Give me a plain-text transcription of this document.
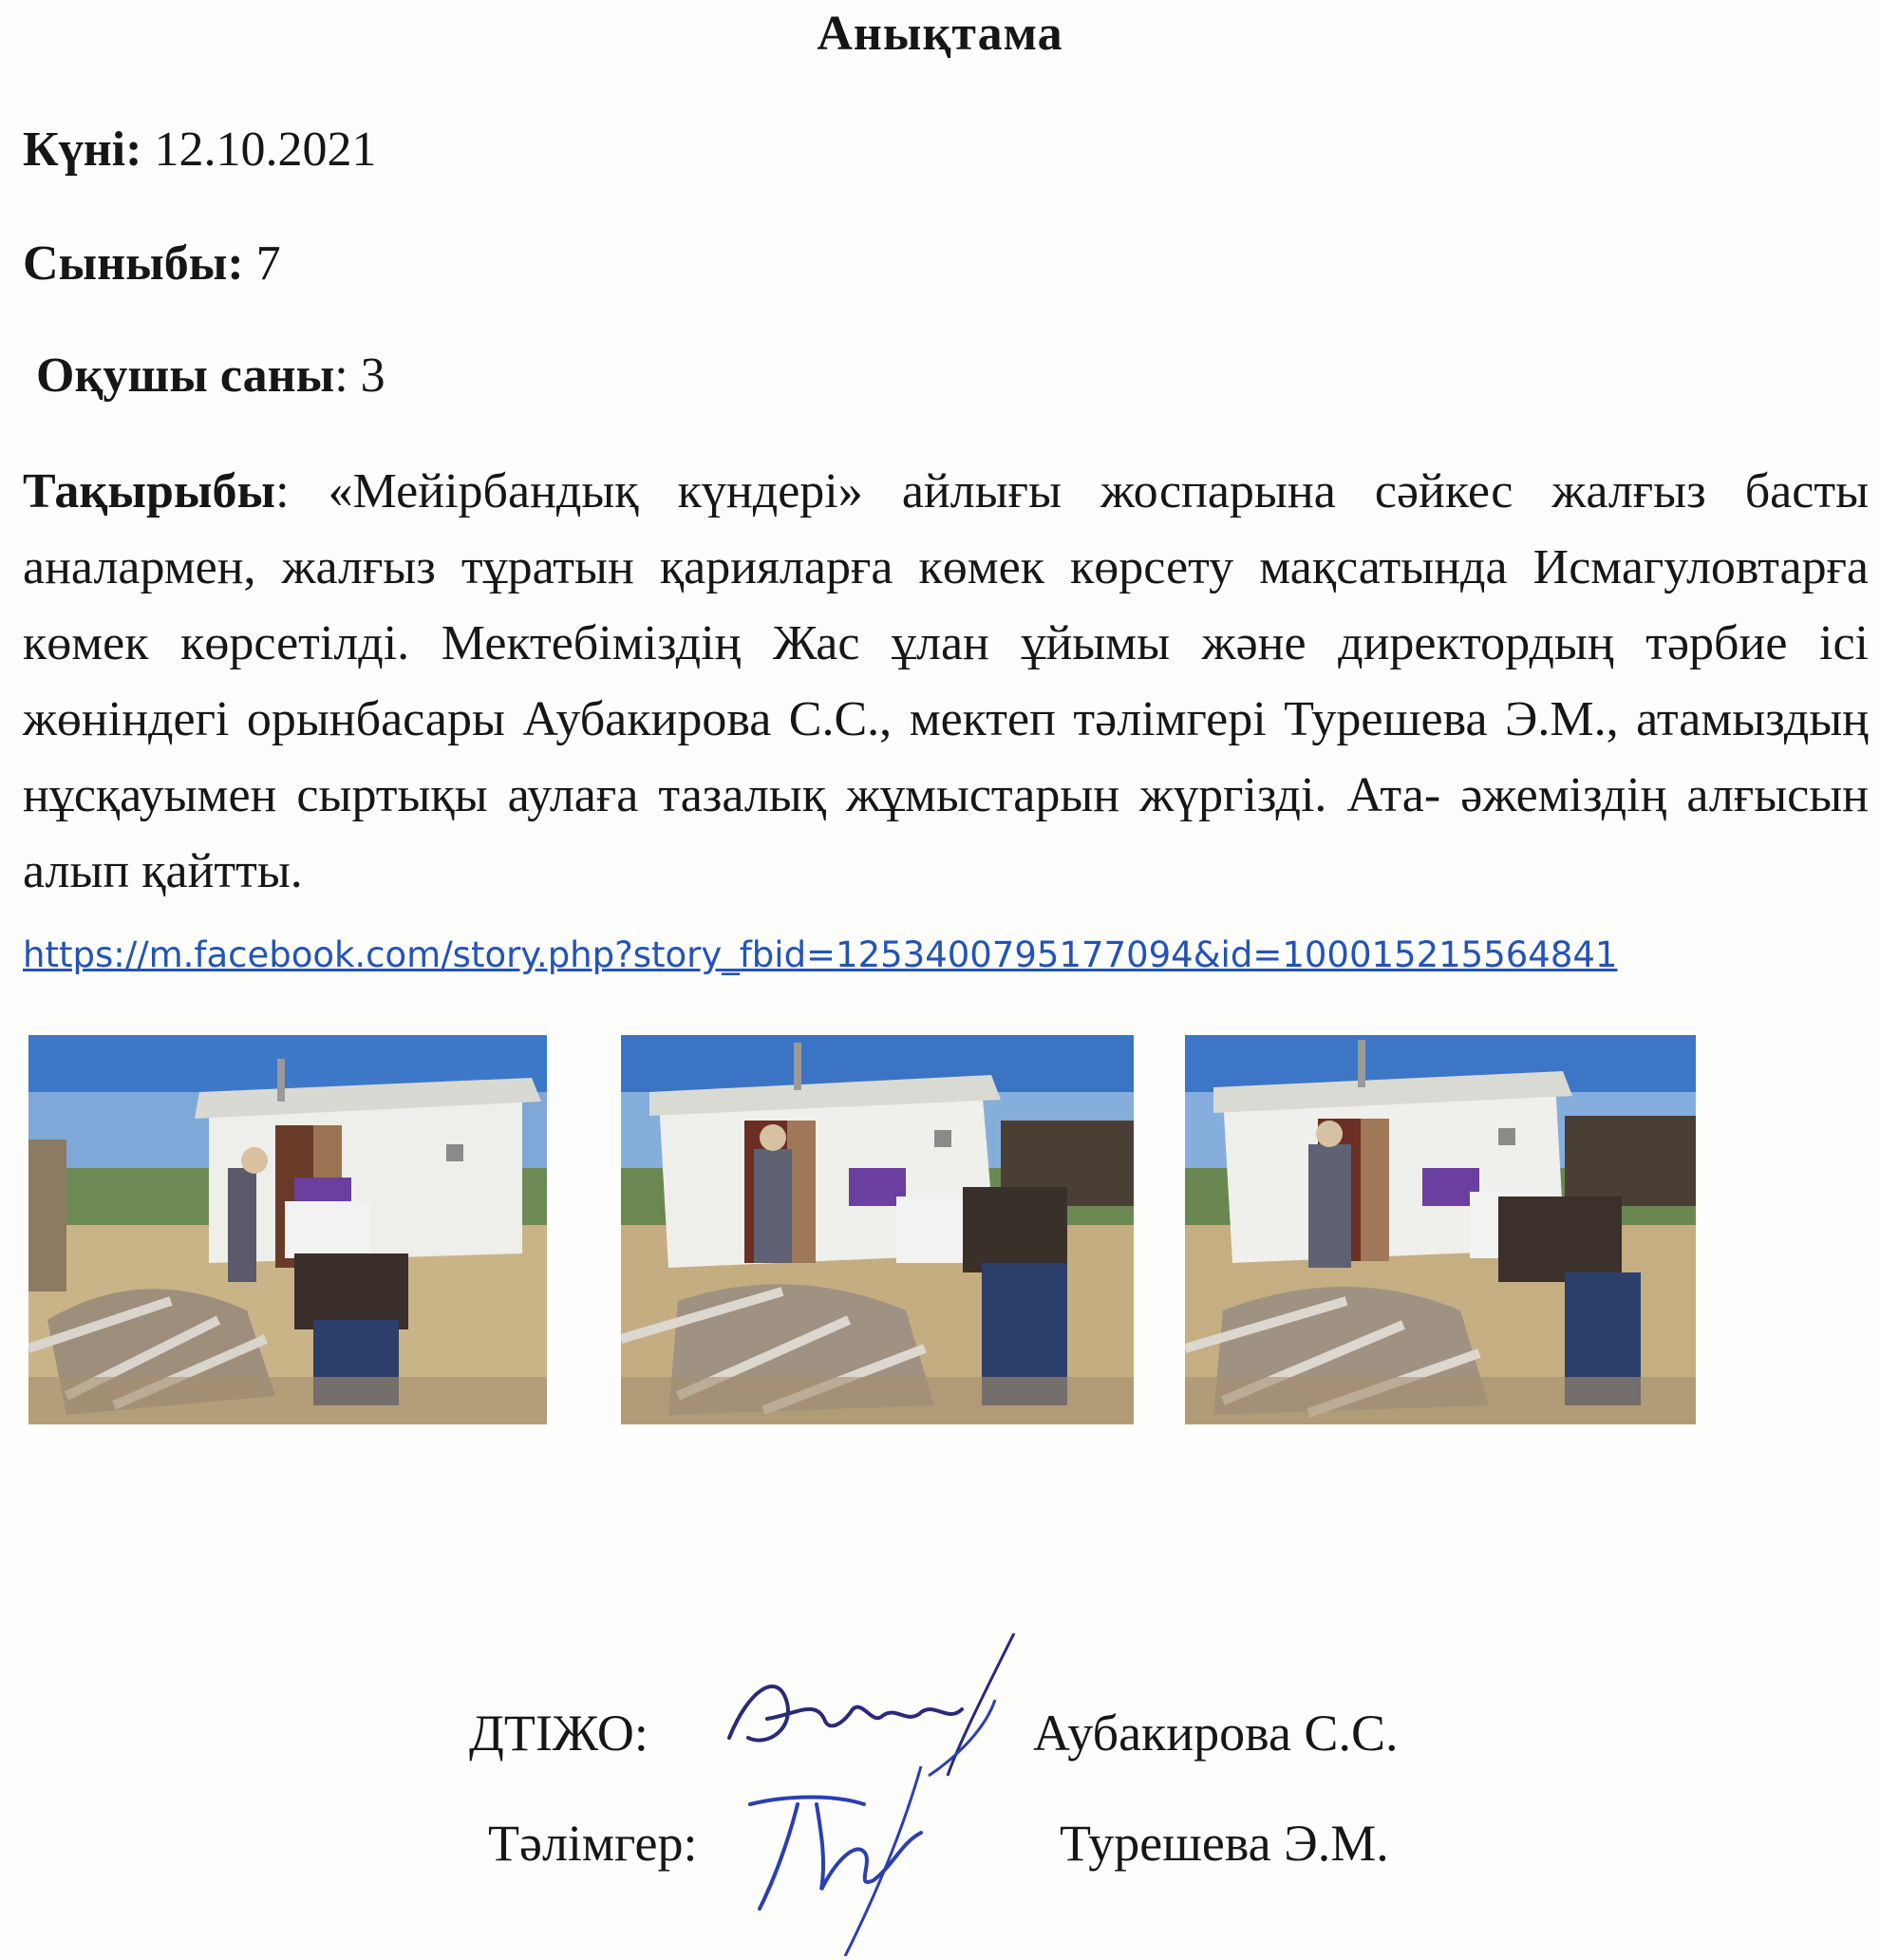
Анықтама
Күні: 12.10.2021
Сыныбы: 7
Оқушы саны: 3
Тақырыбы: «Мейірбандық күндері» айлығы жоспарына сәйкес жалғыз басты аналармен, жалғыз тұратын қарияларға көмек көрсету мақсатында Исмагуловтарға көмек көрсетілді. Мектебіміздің Жас ұлан ұйымы және директордың тәрбие ісі жөніндегі орынбасары Аубакирова С.С., мектеп тәлімгері Турешева Э.М., атамыздың нұсқауымен сыртықы аулаға тазалық жұмыстарын жүргізді. Ата- әжеміздің алғысын алып қайтты.
https://m.facebook.com/story.php?story_fbid=1253400795177094&id=100015215564841
ДТІЖО:	Аубакирова С.С.
Тәлімгер:	Турешева Э.М.
